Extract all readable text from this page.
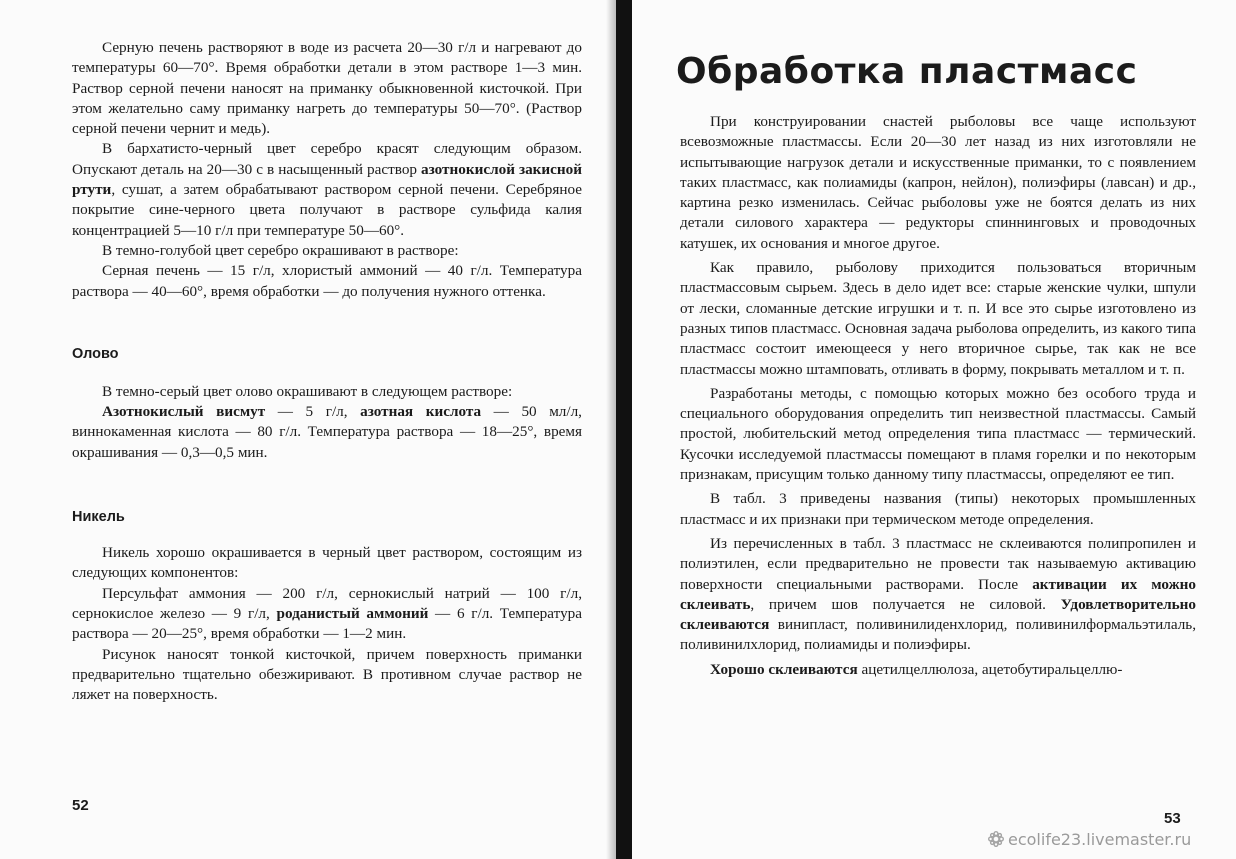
Серную печень растворяют в воде из расчета 20—30 г/л и нагревают до температуры 60—70°. Время обработки детали в этом растворе 1—3 мин. Раствор серной печени наносят на приманку обыкновенной кисточкой. При этом желательно саму приманку нагреть до температуры 50—70°. (Раствор серной печени чернит и медь).

В бархатисто-черный цвет серебро красят следующим образом. Опускают деталь на 20—30 с в насыщенный раствор азотнокислой закисной ртути, сушат, а затем обрабатывают раствором серной печени. Серебряное покрытие сине-черного цвета получают в растворе сульфида калия концентрацией 5—10 г/л при температуре 50—60°.

В темно-голубой цвет серебро окрашивают в растворе:

Серная печень — 15 г/л, хлористый аммоний — 40 г/л. Температура раствора — 40—60°, время обработки — до получения нужного оттенка.

Олово

В темно-серый цвет олово окрашивают в следующем растворе:

Азотнокислый висмут — 5 г/л, азотная кислота — 50 мл/л, виннокаменная кислота — 80 г/л. Температура раствора — 18—25°, время окрашивания — 0,3—0,5 мин.

Никель

Никель хорошо окрашивается в черный цвет раствором, состоящим из следующих компонентов:

Персульфат аммония — 200 г/л, сернокислый натрий — 100 г/л, сернокислое железо — 9 г/л, роданистый аммоний — 6 г/л. Температура раствора — 20—25°, время обработки — 1—2 мин.

Рисунок наносят тонкой кисточкой, причем поверхность приманки предварительно тщательно обезжиривают. В противном случае раствор не ляжет на поверхность.

52
Обработка пластмасс

При конструировании снастей рыболовы все чаще используют всевозможные пластмассы. Если 20—30 лет назад из них изготовляли не испытывающие нагрузок детали и искусственные приманки, то с появлением таких пластмасс, как полиамиды (капрон, нейлон), полиэфиры (лавсан) и др., картина резко изменилась. Сейчас рыболовы уже не боятся делать из них детали силового характера — редукторы спиннинговых и проводочных катушек, их основания и многое другое.

Как правило, рыболову приходится пользоваться вторичным пластмассовым сырьем. Здесь в дело идет все: старые женские чулки, шпули от лески, сломанные детские игрушки и т. п. И все это сырье изготовлено из разных типов пластмасс. Основная задача рыболова определить, из какого типа пластмасс состоит имеющееся у него вторичное сырье, так как не все пластмассы можно штамповать, отливать в форму, покрывать металлом и т. п.

Разработаны методы, с помощью которых можно без особого труда и специального оборудования определить тип неизвестной пластмассы. Самый простой, любительский метод определения типа пластмасс — термический. Кусочки исследуемой пластмассы помещают в пламя горелки и по некоторым признакам, присущим только данному типу пластмассы, определяют ее тип.

В табл. 3 приведены названия (типы) некоторых промышленных пластмасс и их признаки при термическом методе определения.

Из перечисленных в табл. 3 пластмасс не склеиваются полипропилен и полиэтилен, если предварительно не провести так называемую активацию поверхности специальными растворами. После активации их можно склеивать, причем шов получается не силовой. Удовлетворительно склеиваются винипласт, поливинилиденхлорид, поливинилформальэтилаль, поливинилхлорид, полиамиды и полиэфиры.

Хорошо склеиваются ацетилцеллюлоза, ацетобутиральцеллю-

53
ecolife23.livemaster.ru
